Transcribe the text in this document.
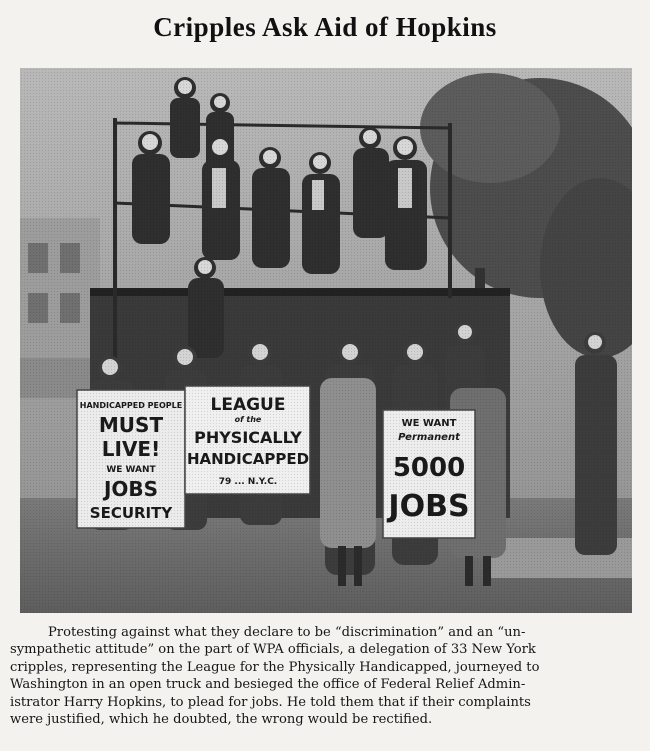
Cripples Ask Aid of Hopkins
Protesting against what they declare to be “discrimination” and an “un-
sympathetic attitude” on the part of WPA officials, a delegation of 33 New York
cripples, representing the League for the Physically Handicapped, journeyed to
Washington in an open truck and besieged the office of Federal Relief Admin-
istrator Harry Hopkins, to plead for jobs. He told them that if their complaints
were justified, which he doubted, the wrong would be rectified.
